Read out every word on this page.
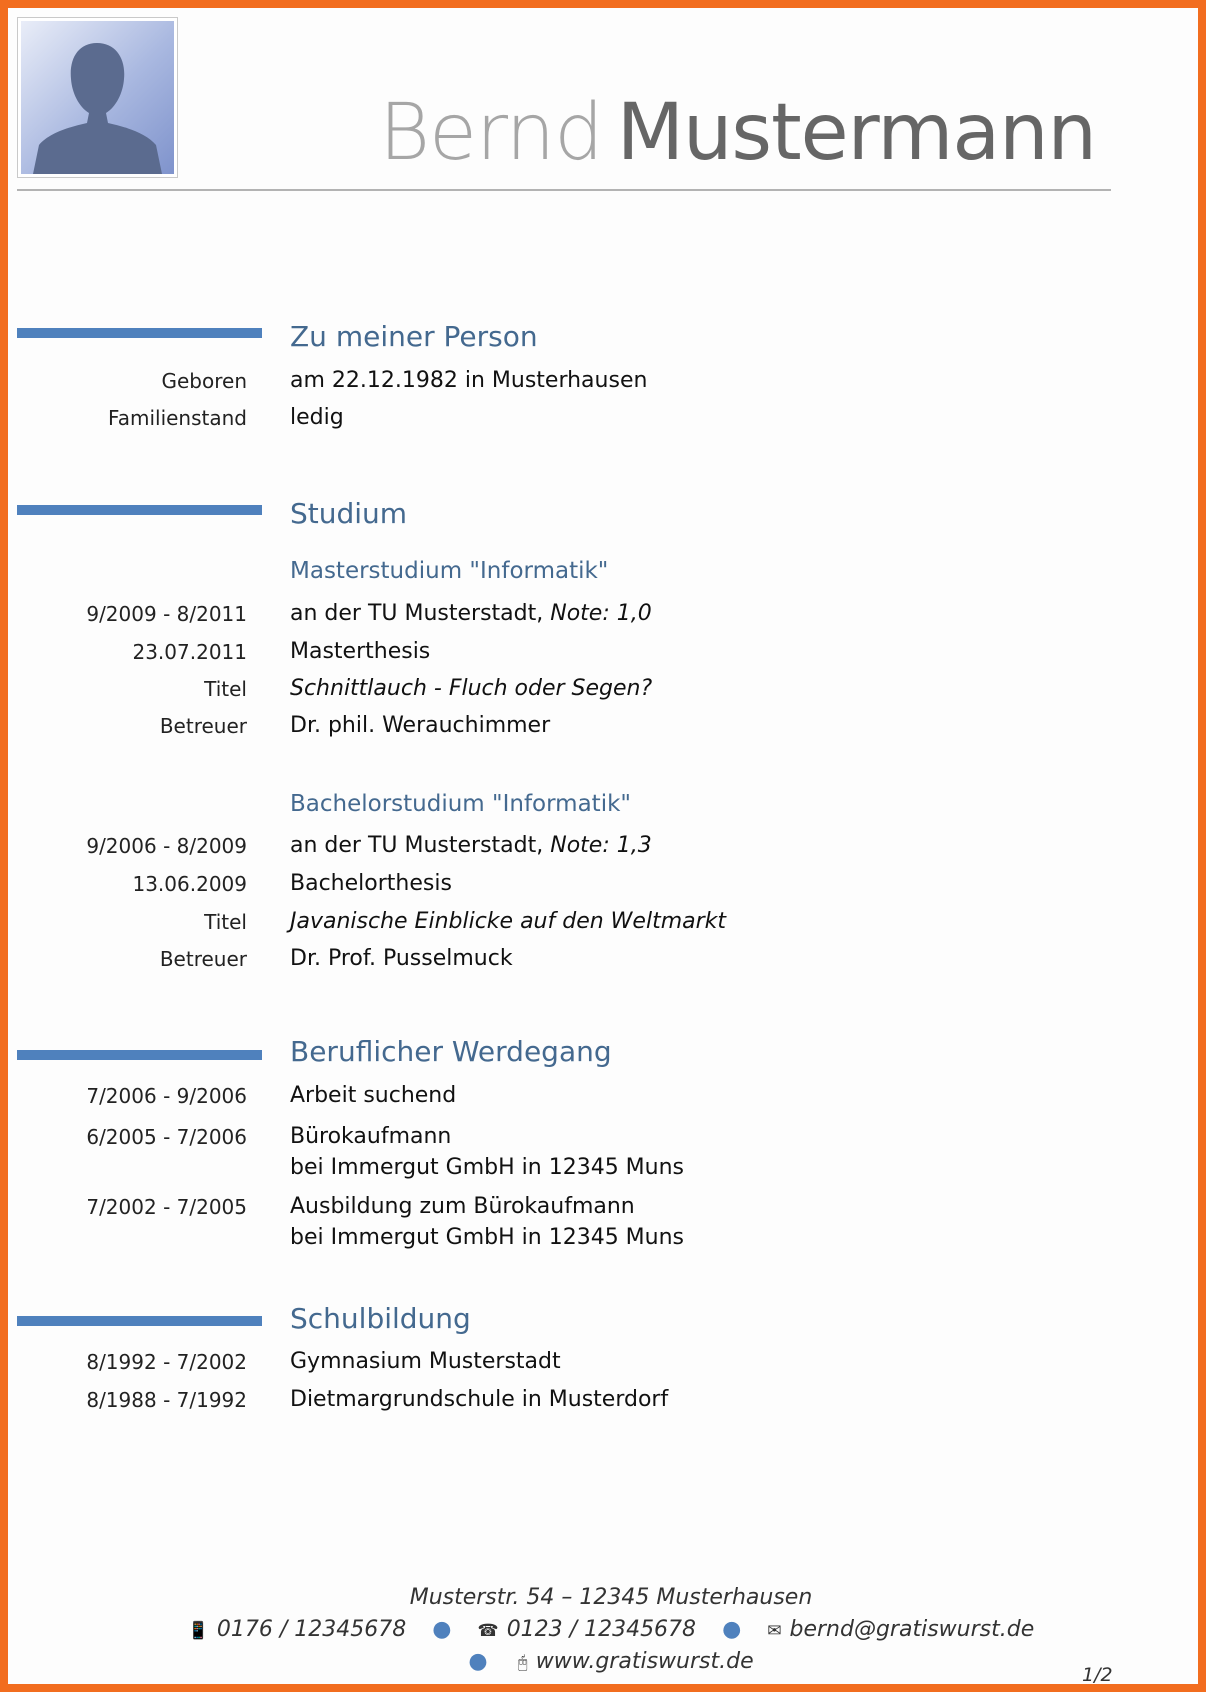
Bernd Mustermann
Zu meiner Person
Geboren am 22.12.1982 in Musterhausen
Familienstand ledig
Studium
Masterstudium "Informatik"
9/2009 - 8/2011 an der TU Musterstadt, Note: 1,0
23.07.2011 Masterthesis
Titel Schnittlauch - Fluch oder Segen?
Betreuer Dr. phil. Werauchimmer
Bachelorstudium "Informatik"
9/2006 - 8/2009 an der TU Musterstadt, Note: 1,3
13.06.2009 Bachelorthesis
Titel Javanische Einblicke auf den Weltmarkt
Betreuer Dr. Prof. Pusselmuck
Beruflicher Werdegang
7/2006 - 9/2006 Arbeit suchend
6/2005 - 7/2006 Bürokaufmann
bei Immergut GmbH in 12345 Muns
7/2002 - 7/2005 Ausbildung zum Bürokaufmann
bei Immergut GmbH in 12345 Muns
Schulbildung
8/1992 - 7/2002 Gymnasium Musterstadt
8/1988 - 7/1992 Dietmargrundschule in Musterdorf
Musterstr. 54 – 12345 Musterhausen
📱 0176 / 12345678 ● ☎ 0123 / 12345678 ● ✉ bernd@gratiswurst.de
● 🖰 www.gratiswurst.de
1/2
